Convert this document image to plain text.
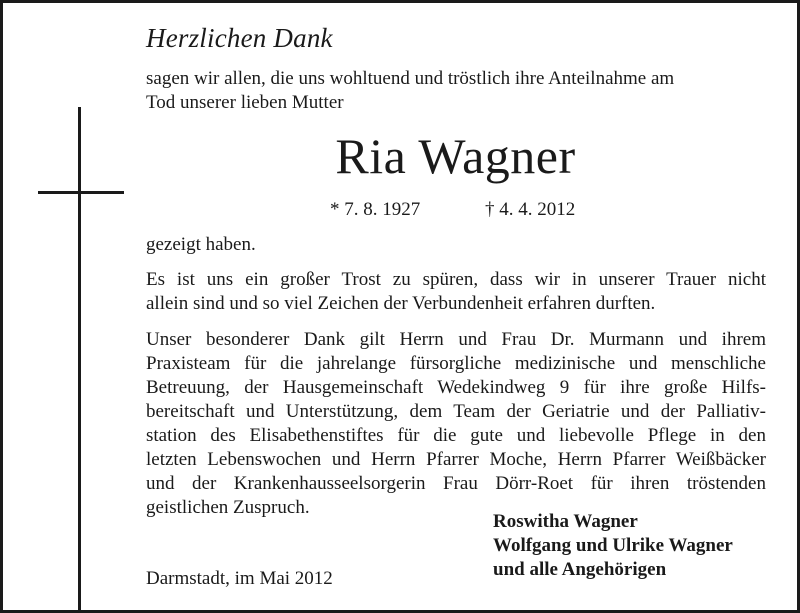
Herzlichen Dank
sagen wir allen, die uns wohltuend und tröstlich ihre Anteilnahme am
Tod unserer lieben Mutter
Ria Wagner
* 7. 8. 1927	† 4. 4. 2012
gezeigt haben.
Es ist uns ein großer Trost zu spüren, dass wir in unserer Trauer nicht
allein sind und so viel Zeichen der Verbundenheit erfahren durften.
Unser besonderer Dank gilt Herrn und Frau Dr. Murmann und ihrem
Praxisteam für die jahrelange fürsorgliche medizinische und menschliche
Betreuung, der Hausgemeinschaft Wedekindweg 9 für ihre große Hilfs-
bereitschaft und Unterstützung, dem Team der Geriatrie und der Palliativ-
station des Elisabethenstiftes für die gute und liebevolle Pflege in den
letzten Lebenswochen und Herrn Pfarrer Moche, Herrn Pfarrer Weißbäcker
und der Krankenhausseelsorgerin Frau Dörr-Roet für ihren tröstenden
geistlichen Zuspruch.
Roswitha Wagner
Wolfgang und Ulrike Wagner
und alle Angehörigen
Darmstadt, im Mai 2012
